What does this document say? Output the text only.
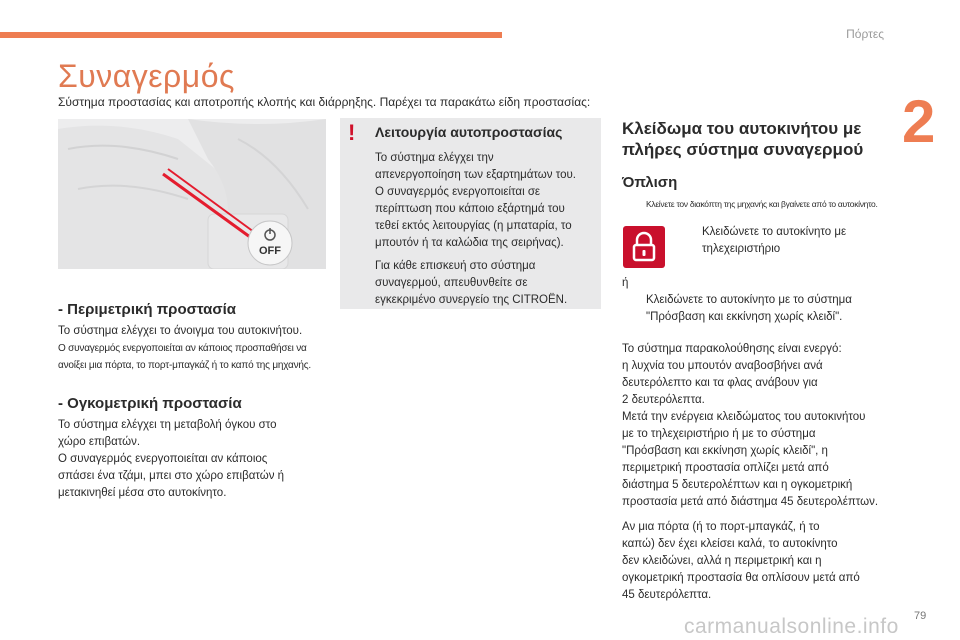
Πόρτες
2
Συναγερμός
Σύστημα προστασίας και αποτροπής κλοπής και διάρρηξης. Παρέχει τα παρακάτω είδη προστασίας:
OFF
- Περιμετρική προστασία
Το σύστημα ελέγχει το άνοιγμα του αυτοκινήτου.
Ο συναγερμός ενεργοποιείται αν κάποιος προσπαθήσει να
ανοίξει μια πόρτα, το πορτ-μπαγκάζ ή το καπό της μηχανής.
- Ογκομετρική προστασία
Το σύστημα ελέγχει τη μεταβολή όγκου στο
χώρο επιβατών.
Ο συναγερμός ενεργοποιείται αν κάποιος
σπάσει ένα τζάμι, μπει στο χώρο επιβατών ή
μετακινηθεί μέσα στο αυτοκίνητο.
! Λειτουργία αυτοπροστασίας
Το σύστημα ελέγχει την
απενεργοποίηση των εξαρτημάτων του.
Ο συναγερμός ενεργοποιείται σε
περίπτωση που κάποιο εξάρτημά του
τεθεί εκτός λειτουργίας (η μπαταρία, το
μπουτόν ή τα καλώδια της σειρήνας).
Για κάθε επισκευή στο σύστημα
συναγερμού, απευθυνθείτε σε
εγκεκριμένο συνεργείο της CITROËN.
Κλείδωμα του αυτοκινήτου με
πλήρες σύστημα συναγερμού
Όπλιση
Κλείνετε τον διακόπτη της μηχανής και βγαίνετε από το αυτοκίνητο.
Κλειδώνετε το αυτοκίνητο με
τηλεχειριστήριο
ή
Κλειδώνετε το αυτοκίνητο με το σύστημα
"Πρόσβαση και εκκίνηση χωρίς κλειδί".
Το σύστημα παρακολούθησης είναι ενεργό:
η λυχνία του μπουτόν αναβοσβήνει ανά
δευτερόλεπτο και τα φλας ανάβουν για
2 δευτερόλεπτα.
Μετά την ενέργεια κλειδώματος του αυτοκινήτου
με το τηλεχειριστήριο ή με το σύστημα
"Πρόσβαση και εκκίνηση χωρίς κλειδί", η
περιμετρική προστασία οπλίζει μετά από
διάστημα 5 δευτερολέπτων και η ογκομετρική
προστασία μετά από διάστημα 45 δευτερολέπτων.
Αν μια πόρτα (ή το πορτ-μπαγκάζ, ή το
καπώ) δεν έχει κλείσει καλά, το αυτοκίνητο
δεν κλειδώνει, αλλά η περιμετρική και η
ογκομετρική προστασία θα οπλίσουν μετά από
45 δευτερόλεπτα.
carmanualsonline.info 79
